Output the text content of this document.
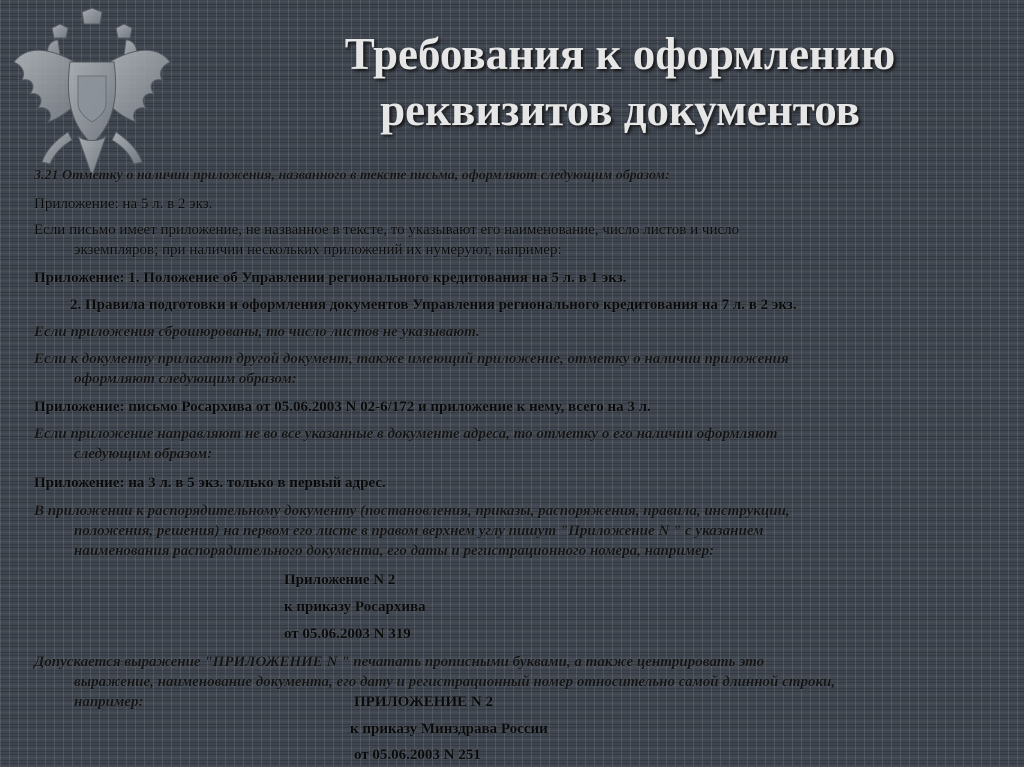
Требования к оформлению
реквизитов документов
3.21 Отметку о наличии приложения, названного в тексте письма, оформляют следующим образом:
Приложение: на 5 л. в 2 экз.
Если письмо имеет приложение, не названное в тексте, то указывают его наименование, число листов и число
экземпляров; при наличии нескольких приложений их нумеруют, например:
Приложение: 1. Положение об Управлении регионального кредитования на 5 л. в 1 экз.
2. Правила подготовки и оформления документов Управления регионального кредитования на 7 л. в 2 экз.
Если приложения сброшюрованы, то число листов не указывают.
Если к документу прилагают другой документ, также имеющий приложение, отметку о наличии приложения
оформляют следующим образом:
Приложение: письмо Росархива от 05.06.2003 N 02-6/172 и приложение к нему, всего на 3 л.
Если приложение направляют не во все указанные в документе адреса, то отметку о его наличии оформляют
следующим образом:
Приложение: на 3 л. в 5 экз. только в первый адрес.
В приложении к распорядительному документу (постановления, приказы, распоряжения, правила, инструкции,
положения, решения) на первом его листе в правом верхнем углу пишут "Приложение N " с указанием
наименования распорядительного документа, его даты и регистрационного номера, например:
Приложение N 2
к приказу Росархива
от 05.06.2003 N 319
Допускается выражение "ПРИЛОЖЕНИЕ N " печатать прописными буквами, а также центрировать это
выражение, наименование документа, его дату и регистрационный номер относительно самой длинной строки,
например:	ПРИЛОЖЕНИЕ N 2
к приказу Минздрава России
от 05.06.2003 N 251
